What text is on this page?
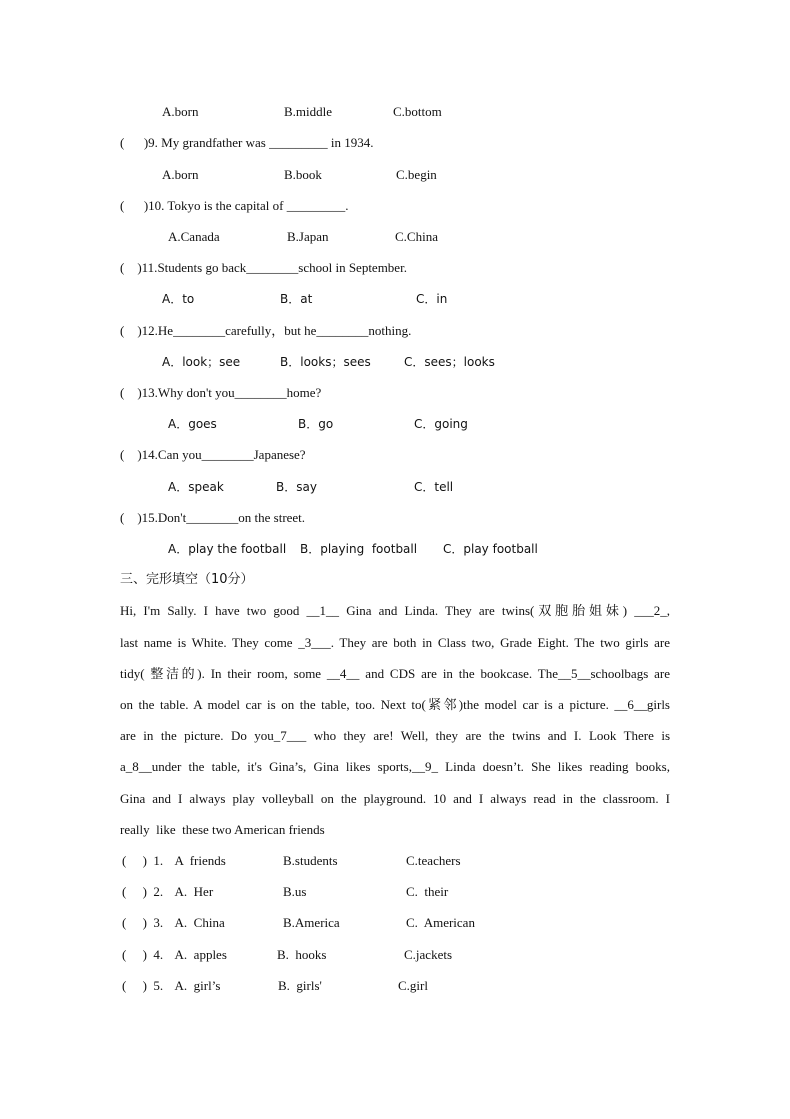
A.born	B.middle	C.bottom
(      )9. My grandfather was _________ in 1934.
A.born	B.book	C.begin
(      )10. Tokyo is the capital of _________.
A.Canada	B.Japan	C.China
(    )11.Students go back________school in September.
A．to	B．at	C．in
(    )12.He________carefully，but he________nothing.
A．look；see	B．looks；sees	C．sees；looks
(    )13.Why don't you________home?
A．goes	B．go	C．going
(    )14.Can you________Japanese?
A．speak	B．say	C．tell
(    )15.Don't________on the street.
A．play the football B．playing  football C．play football
三、完形填空（10分）
Hi, I'm Sally. I have two good __1__ Gina and Linda. They are twins(双胞胎姐妹) ___2_,
last name is White. They come _3___. They are both in Class two, Grade Eight. The two girls are
tidy( 整洁的). In their room, some __4__ and CDS are in the bookcase. The__5__schoolbags are
on the table. A model car is on the table, too. Next to(紧邻)the model car is a picture. __6__girls
are in the picture. Do you_7___ who they are! Well, they are the twins and I. Look There is
a_8__under the table, it's Gina’s, Gina likes sports,__9_ Linda doesn’t. She likes reading books,
Gina and I always play volleyball on the playground. 10 and I always read in the classroom. I
really  like  these two American friends
(     )  1. A  friends	B.students	C.teachers
(     )  2. A.  Her	B.us	C.  their
(     )  3. A.  China	B.America	C.  American
(     )  4. A.  apples	B.  hooks	C.jackets
(     )  5. A.  girl’s	B.  girls'	C.girl
